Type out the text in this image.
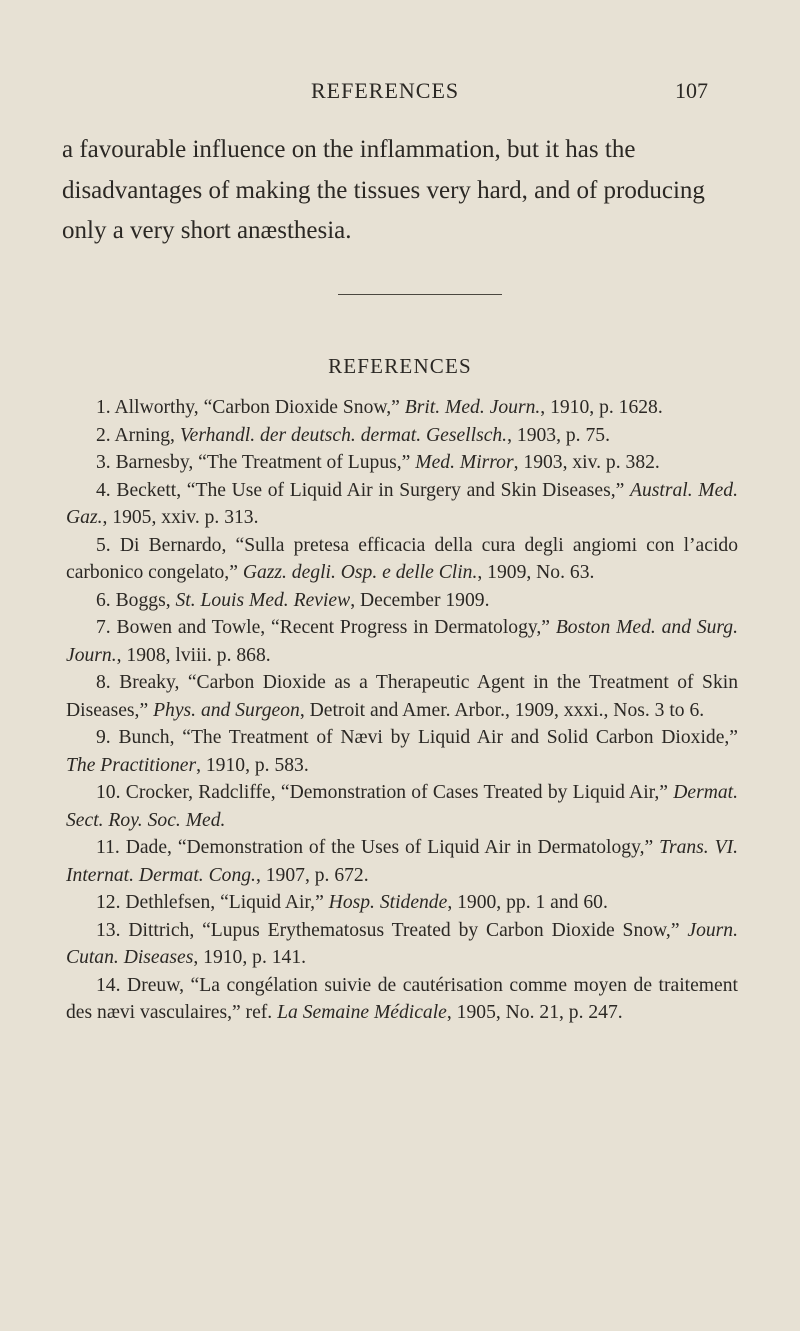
REFERENCES	107

a favourable influence on the inflammation, but it has the disadvantages of making the tissues very hard, and of producing only a very short anæsthesia.

REFERENCES
1. Allworthy, “Carbon Dioxide Snow,” Brit. Med. Journ., 1910, p. 1628.
2. Arning, Verhandl. der deutsch. dermat. Gesellsch., 1903, p. 75.
3. Barnesby, “The Treatment of Lupus,” Med. Mirror, 1903, xiv. p. 382.
4. Beckett, “The Use of Liquid Air in Surgery and Skin Diseases,” Austral. Med. Gaz., 1905, xxiv. p. 313.
5. Di Bernardo, “Sulla pretesa efficacia della cura degli angiomi con l’acido carbonico congelato,” Gazz. degli. Osp. e delle Clin., 1909, No. 63.
6. Boggs, St. Louis Med. Review, December 1909.
7. Bowen and Towle, “Recent Progress in Dermatology,” Boston Med. and Surg. Journ., 1908, lviii. p. 868.
8. Breaky, “Carbon Dioxide as a Therapeutic Agent in the Treatment of Skin Diseases,” Phys. and Surgeon, Detroit and Amer. Arbor., 1909, xxxi., Nos. 3 to 6.
9. Bunch, “The Treatment of Nævi by Liquid Air and Solid Carbon Dioxide,” The Practitioner, 1910, p. 583.
10. Crocker, Radcliffe, “Demonstration of Cases Treated by Liquid Air,” Dermat. Sect. Roy. Soc. Med.
11. Dade, “Demonstration of the Uses of Liquid Air in Dermatology,” Trans. VI. Internat. Dermat. Cong., 1907, p. 672.
12. Dethlefsen, “Liquid Air,” Hosp. Stidende, 1900, pp. 1 and 60.
13. Dittrich, “Lupus Erythematosus Treated by Carbon Dioxide Snow,” Journ. Cutan. Diseases, 1910, p. 141.
14. Dreuw, “La congélation suivie de cautérisation comme moyen de traitement des nævi vasculaires,” ref. La Semaine Médicale, 1905, No. 21, p. 247.
